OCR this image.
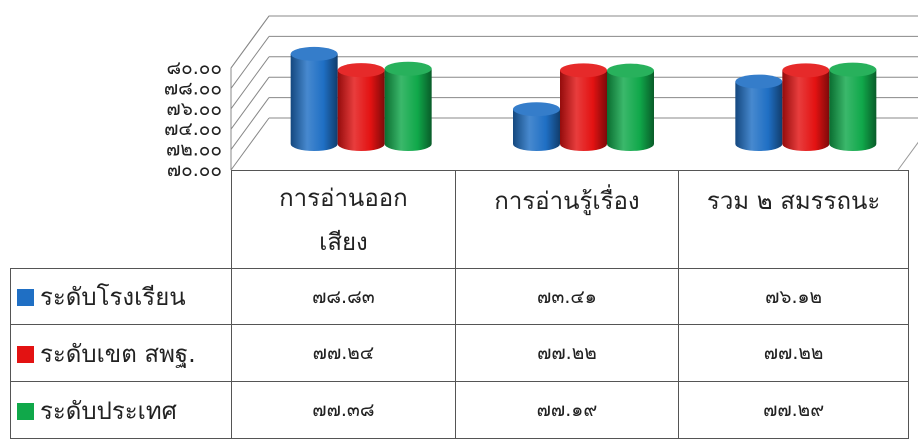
๗๐.๐๐
๗๒.๐๐
๗๔.๐๐
๗๖.๐๐
๗๘.๐๐
๘๐.๐๐
	การอ่านออก
เสียง	การอ่านรู้เรื่อง	รวม ๒ สมรรถนะ
ระดับโรงเรียน	๗๘.๘๓	๗๓.๔๑	๗๖.๑๒
ระดับเขต สพฐ.	๗๗.๒๔	๗๗.๒๒	๗๗.๒๒
ระดับประเทศ	๗๗.๓๘	๗๗.๑๙	๗๗.๒๙
